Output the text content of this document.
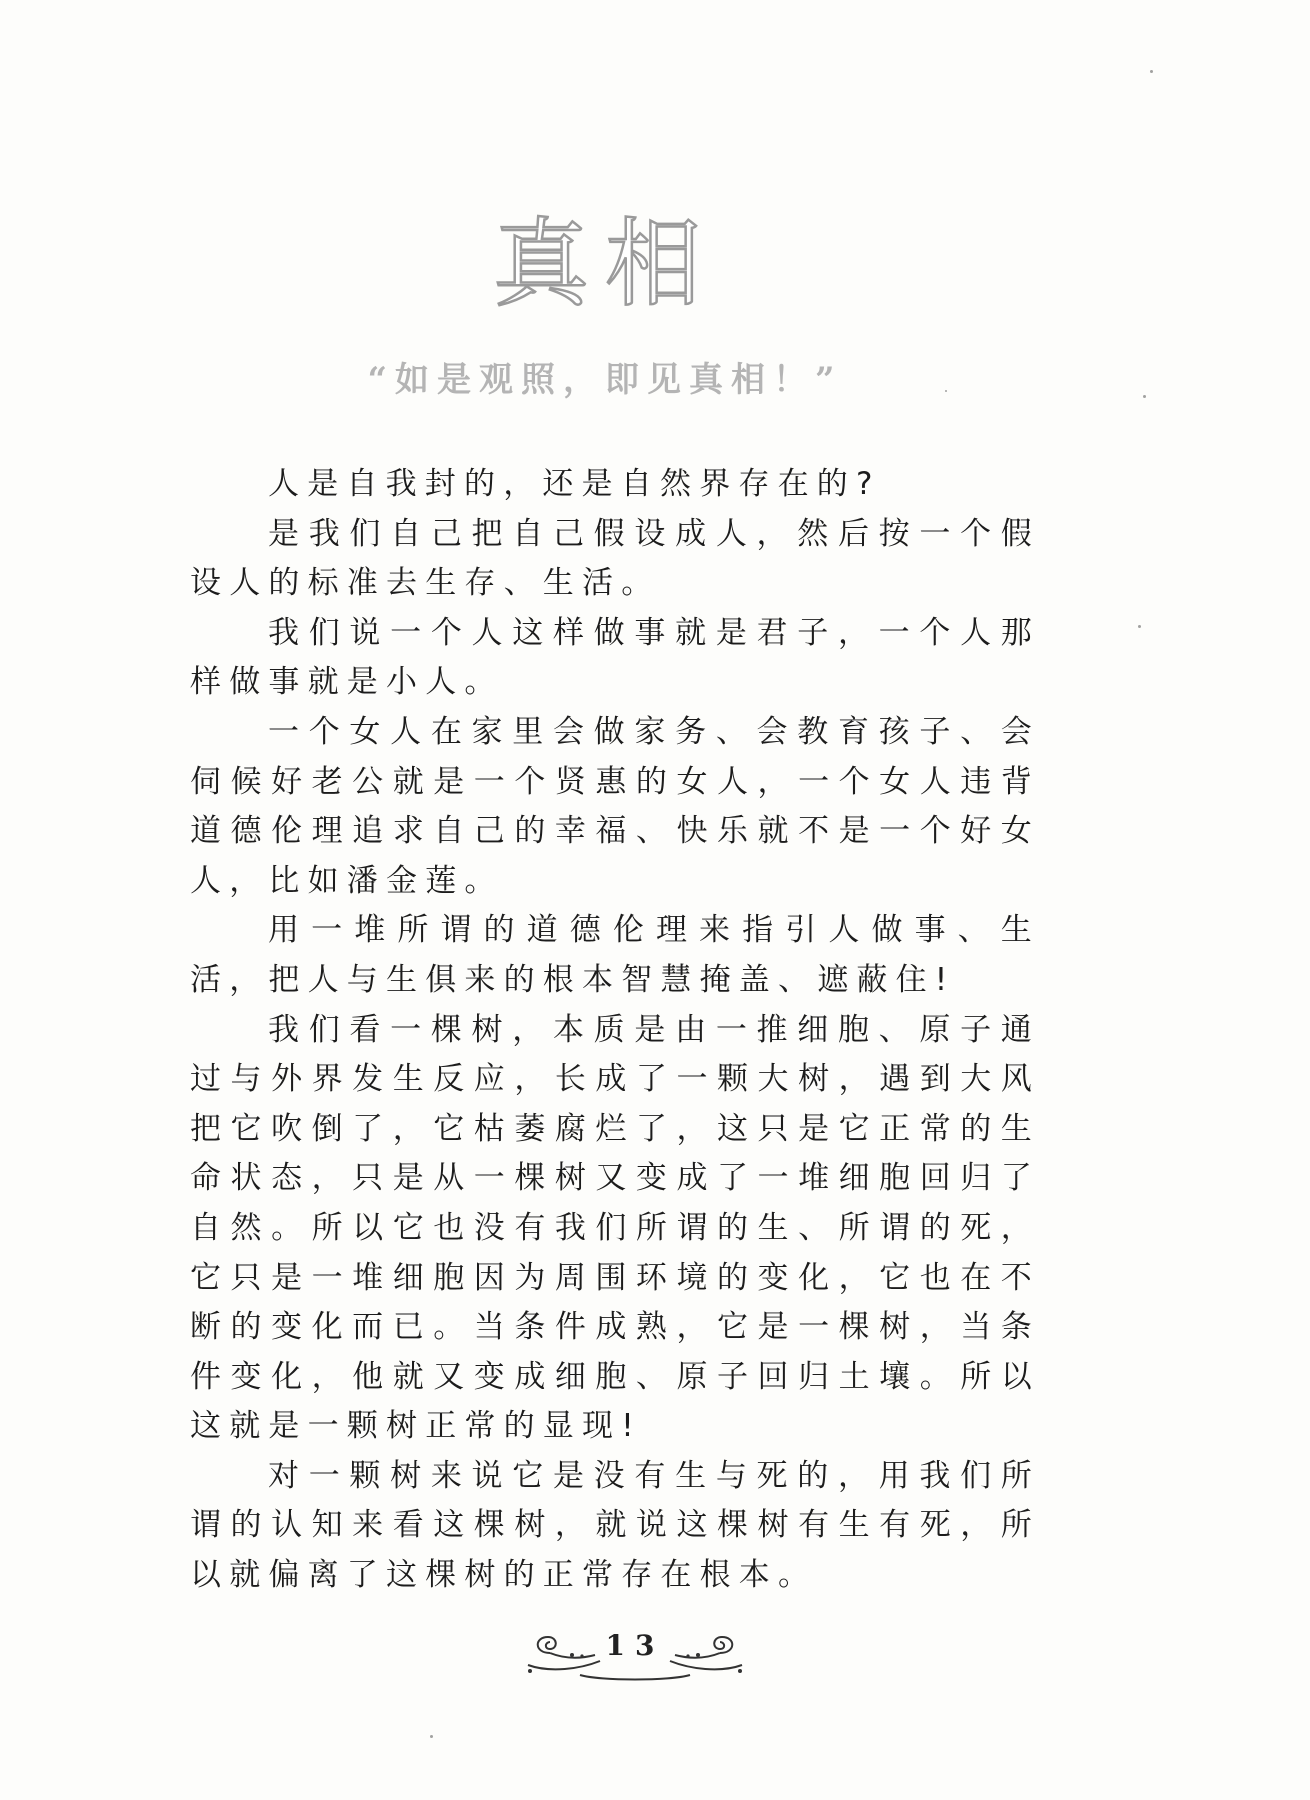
真相
“如是观照，即见真相！”

人是自我封的，还是自然界存在的?

是我们自己把自己假设成人，然后按一个假设人的标准去生存、生活。

我们说一个人这样做事就是君子，一个人那样做事就是小人。

一个女人在家里会做家务、会教育孩子、会伺候好老公就是一个贤惠的女人，一个女人违背道德伦理追求自己的幸福、快乐就不是一个好女人，比如潘金莲。

用一堆所谓的道德伦理来指引人做事、生活，把人与生俱来的根本智慧掩盖、遮蔽住!

我们看一棵树，本质是由一推细胞、原子通过与外界发生反应，长成了一颗大树，遇到大风把它吹倒了，它枯萎腐烂了，这只是它正常的生命状态，只是从一棵树又变成了一堆细胞回归了自然。所以它也没有我们所谓的生、所谓的死，它只是一堆细胞因为周围环境的变化，它也在不断的变化而已。当条件成熟，它是一棵树，当条件变化，他就又变成细胞、原子回归土壤。所以这就是一颗树正常的显现!

对一颗树来说它是没有生与死的，用我们所谓的认知来看这棵树，就说这棵树有生有死，所以就偏离了这棵树的正常存在根本。

13
